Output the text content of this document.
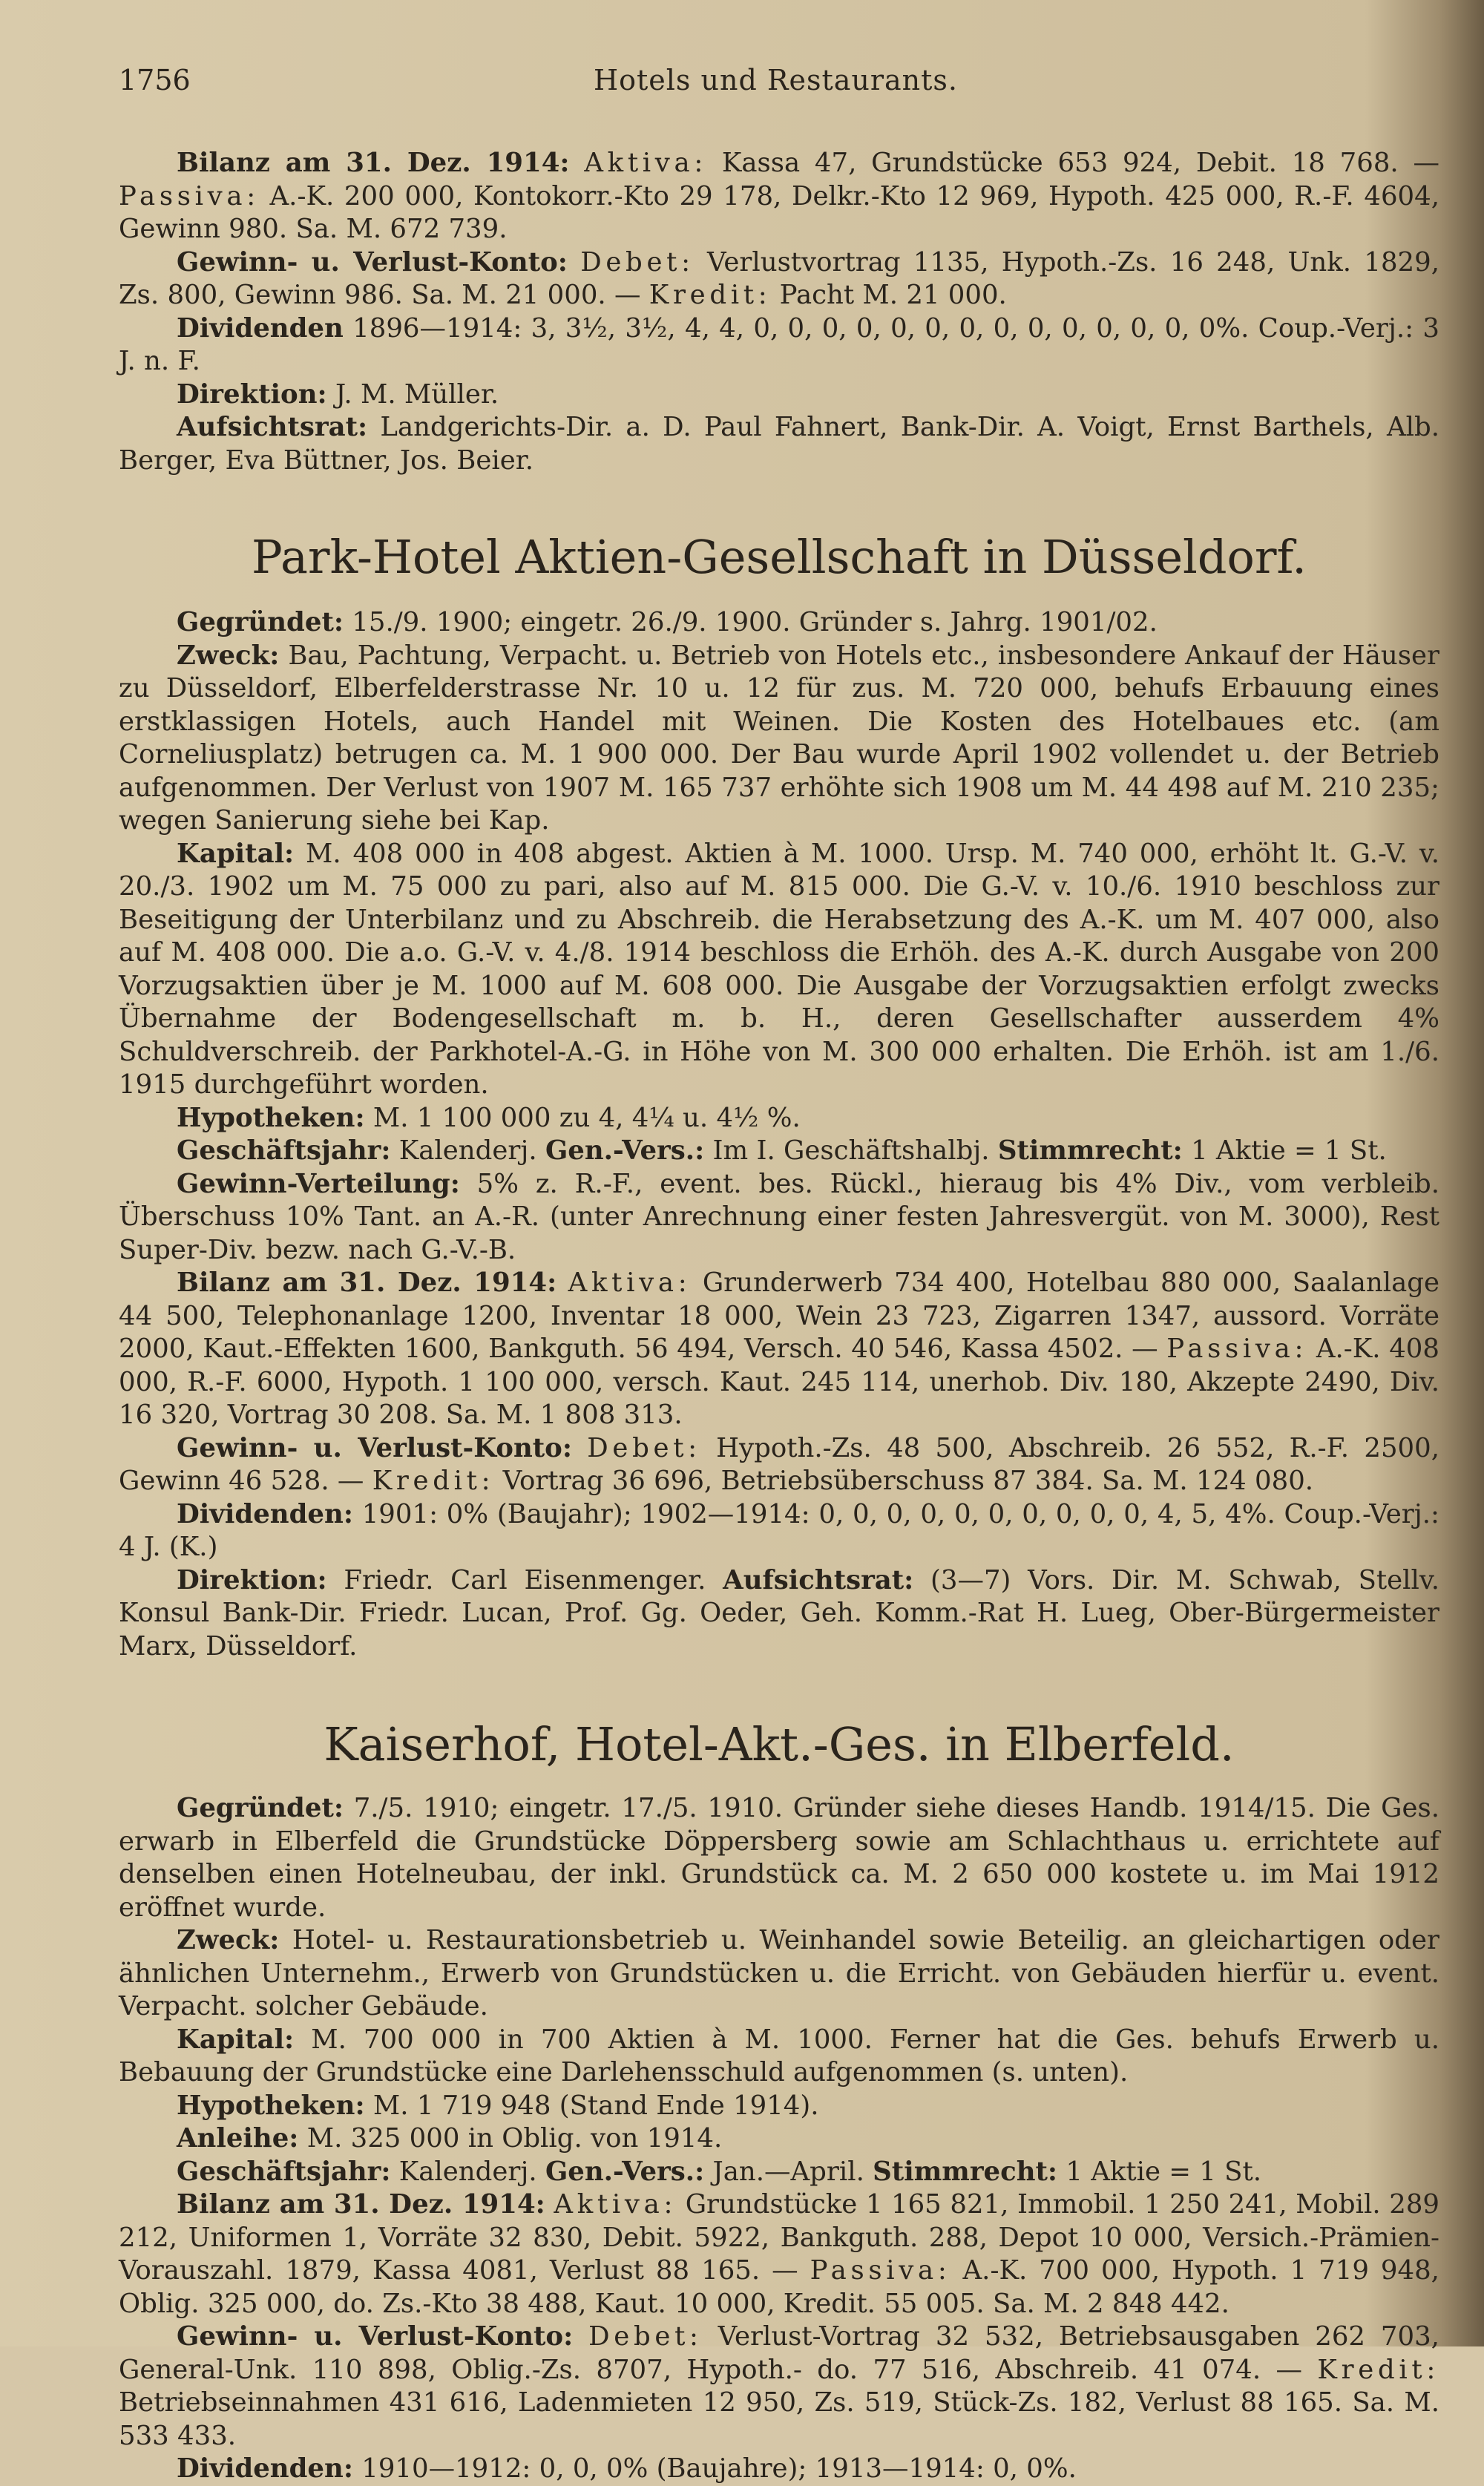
1756	Hotels und Restaurants.

Bilanz am 31. Dez. 1914: Aktiva: Kassa 47, Grundstücke 653 924, Debit. 18 768. — Passiva: A.-K. 200 000, Kontokorr.-Kto 29 178, Delkr.-Kto 12 969, Hypoth. 425 000, R.-F. 4604, Gewinn 980. Sa. M. 672 739.

Gewinn- u. Verlust-Konto: Debet: Verlustvortrag 1135, Hypoth.-Zs. 16 248, Unk. 1829, Zs. 800, Gewinn 986. Sa. M. 21 000. — Kredit: Pacht M. 21 000.

Dividenden 1896—1914: 3, 3½, 3½, 4, 4, 0, 0, 0, 0, 0, 0, 0, 0, 0, 0, 0, 0, 0, 0%. Coup.-Verj.: 3 J. n. F.

Direktion: J. M. Müller.

Aufsichtsrat: Landgerichts-Dir. a. D. Paul Fahnert, Bank-Dir. A. Voigt, Ernst Barthels, Alb. Berger, Eva Büttner, Jos. Beier.

Park-Hotel Aktien-Gesellschaft in Düsseldorf.

Gegründet: 15./9. 1900; eingetr. 26./9. 1900. Gründer s. Jahrg. 1901/02.

Zweck: Bau, Pachtung, Verpacht. u. Betrieb von Hotels etc., insbesondere Ankauf der Häuser zu Düsseldorf, Elberfelderstrasse Nr. 10 u. 12 für zus. M. 720 000, behufs Erbauung eines erstklassigen Hotels, auch Handel mit Weinen. Die Kosten des Hotelbaues etc. (am Corneliusplatz) betrugen ca. M. 1 900 000. Der Bau wurde April 1902 vollendet u. der Betrieb aufgenommen. Der Verlust von 1907 M. 165 737 erhöhte sich 1908 um M. 44 498 auf M. 210 235; wegen Sanierung siehe bei Kap.

Kapital: M. 408 000 in 408 abgest. Aktien à M. 1000. Ursp. M. 740 000, erhöht lt. G.-V. v. 20./3. 1902 um M. 75 000 zu pari, also auf M. 815 000. Die G.-V. v. 10./6. 1910 beschloss zur Beseitigung der Unterbilanz und zu Abschreib. die Herabsetzung des A.-K. um M. 407 000, also auf M. 408 000. Die a.o. G.-V. v. 4./8. 1914 beschloss die Erhöh. des A.-K. durch Ausgabe von 200 Vorzugsaktien über je M. 1000 auf M. 608 000. Die Ausgabe der Vorzugsaktien erfolgt zwecks Übernahme der Bodengesellschaft m. b. H., deren Gesellschafter ausserdem 4% Schuldverschreib. der Parkhotel-A.-G. in Höhe von M. 300 000 erhalten. Die Erhöh. ist am 1./6. 1915 durchgeführt worden.

Hypotheken: M. 1 100 000 zu 4, 4¼ u. 4½ %.

Geschäftsjahr: Kalenderj. Gen.-Vers.: Im I. Geschäftshalbj. Stimmrecht: 1 Aktie = 1 St.

Gewinn-Verteilung: 5% z. R.-F., event. bes. Rückl., hieraug bis 4% Div., vom verbleib. Überschuss 10% Tant. an A.-R. (unter Anrechnung einer festen Jahresvergüt. von M. 3000), Rest Super-Div. bezw. nach G.-V.-B.

Bilanz am 31. Dez. 1914: Aktiva: Grunderwerb 734 400, Hotelbau 880 000, Saalanlage 44 500, Telephonanlage 1200, Inventar 18 000, Wein 23 723, Zigarren 1347, aussord. Vorräte 2000, Kaut.-Effekten 1600, Bankguth. 56 494, Versch. 40 546, Kassa 4502. — Passiva: A.-K. 408 000, R.-F. 6000, Hypoth. 1 100 000, versch. Kaut. 245 114, unerhob. Div. 180, Akzepte 2490, Div. 16 320, Vortrag 30 208. Sa. M. 1 808 313.

Gewinn- u. Verlust-Konto: Debet: Hypoth.-Zs. 48 500, Abschreib. 26 552, R.-F. 2500, Gewinn 46 528. — Kredit: Vortrag 36 696, Betriebsüberschuss 87 384. Sa. M. 124 080.

Dividenden: 1901: 0% (Baujahr); 1902—1914: 0, 0, 0, 0, 0, 0, 0, 0, 0, 0, 4, 5, 4%. Coup.-Verj.: 4 J. (K.)

Direktion: Friedr. Carl Eisenmenger. Aufsichtsrat: (3—7) Vors. Dir. M. Schwab, Stellv. Konsul Bank-Dir. Friedr. Lucan, Prof. Gg. Oeder, Geh. Komm.-Rat H. Lueg, Ober-Bürgermeister Marx, Düsseldorf.

Kaiserhof, Hotel-Akt.-Ges. in Elberfeld.

Gegründet: 7./5. 1910; eingetr. 17./5. 1910. Gründer siehe dieses Handb. 1914/15. Die Ges. erwarb in Elberfeld die Grundstücke Döppersberg sowie am Schlachthaus u. errichtete auf denselben einen Hotelneubau, der inkl. Grundstück ca. M. 2 650 000 kostete u. im Mai 1912 eröffnet wurde.

Zweck: Hotel- u. Restaurationsbetrieb u. Weinhandel sowie Beteilig. an gleichartigen oder ähnlichen Unternehm., Erwerb von Grundstücken u. die Erricht. von Gebäuden hierfür u. event. Verpacht. solcher Gebäude.

Kapital: M. 700 000 in 700 Aktien à M. 1000. Ferner hat die Ges. behufs Erwerb u. Bebauung der Grundstücke eine Darlehensschuld aufgenommen (s. unten).

Hypotheken: M. 1 719 948 (Stand Ende 1914).

Anleihe: M. 325 000 in Oblig. von 1914.

Geschäftsjahr: Kalenderj. Gen.-Vers.: Jan.—April. Stimmrecht: 1 Aktie = 1 St.

Bilanz am 31. Dez. 1914: Aktiva: Grundstücke 1 165 821, Immobil. 1 250 241, Mobil. 289 212, Uniformen 1, Vorräte 32 830, Debit. 5922, Bankguth. 288, Depot 10 000, Versich.-Prämien-Vorauszahl. 1879, Kassa 4081, Verlust 88 165. — Passiva: A.-K. 700 000, Hypoth. 1 719 948, Oblig. 325 000, do. Zs.-Kto 38 488, Kaut. 10 000, Kredit. 55 005. Sa. M. 2 848 442.

Gewinn- u. Verlust-Konto: Debet: Verlust-Vortrag 32 532, Betriebsausgaben 262 703, General-Unk. 110 898, Oblig.-Zs. 8707, Hypoth.- do. 77 516, Abschreib. 41 074. — Kredit: Betriebseinnahmen 431 616, Ladenmieten 12 950, Zs. 519, Stück-Zs. 182, Verlust 88 165. Sa. M. 533 433.

Dividenden: 1910—1912: 0, 0, 0% (Baujahre); 1913—1914: 0, 0%.
